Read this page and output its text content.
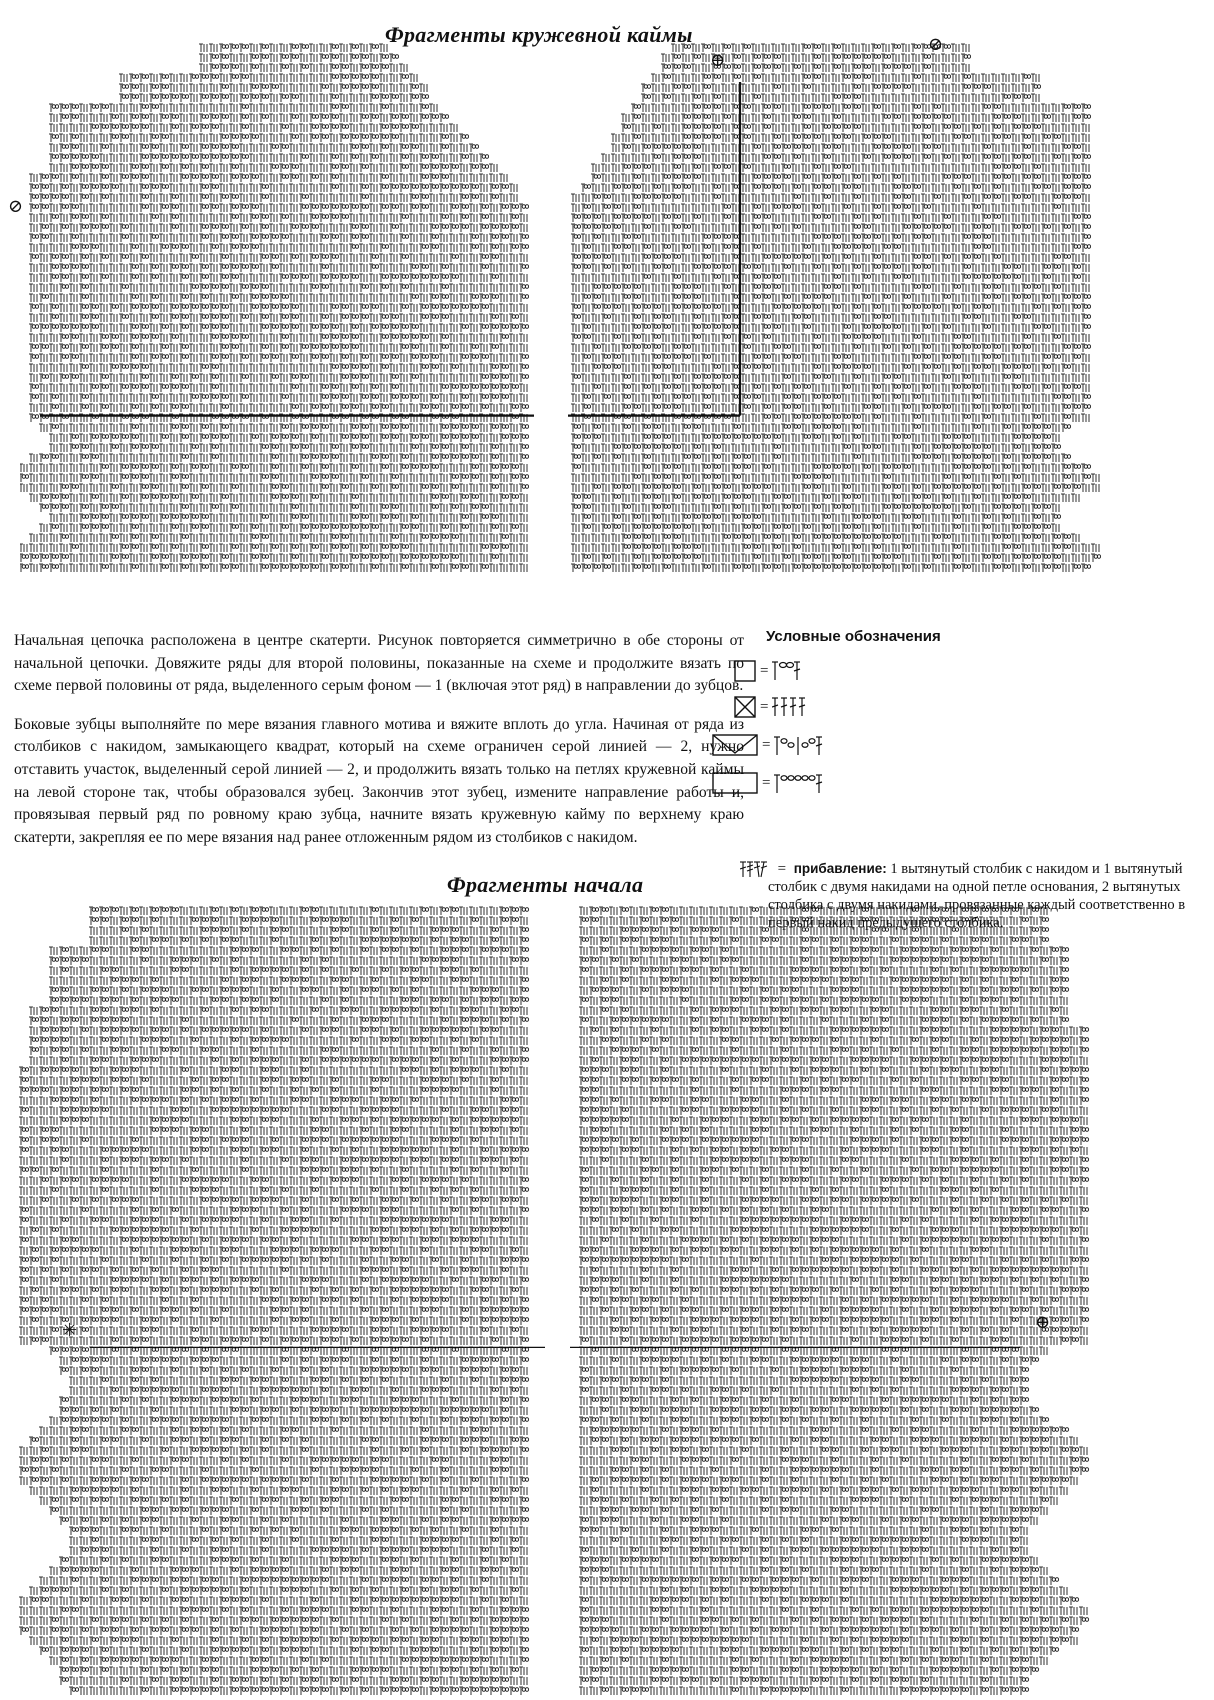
Фрагменты кружевной каймы
Фрагменты начала
⊘
⊕
⊘
✳	⊕

Начальная цепочка расположена в центре скатерти. Рисунок повторяется симметрично в обе стороны от начальной цепочки. Довяжите ряды для второй половины, показанные на схеме и продолжите вязать по схеме первой половины от ряда, выделенного серым фоном — 1 (включая этот ряд) в направлении до зубцов.

Боковые зубцы выполняйте по мере вязания главного мотива и вяжите вплоть до угла. Начиная от ряда из столбиков с накидом, замыкающего квадрат, который на схеме ограничен серой линией — 2, нужно отставить участок, выделенный серой линией — 2, и продолжить вязать только на петлях кружевной каймы на левой стороне так, чтобы образовался зубец. Закончив этот зубец, измените направление работы и, провязывая первый ряд по ровному краю зубца, начните вязать кружевную кайму по верхнему краю скатерти, закрепляя ее по мере вязания над ранее отложенным рядом из столбиков с накидом.

Условные обозначения
=
=
=
=
= прибавление: 1 вытянутый столбик с накидом и 1 вытянутый столбик с двумя накидами на одной петле основания, 2 вытянутых столбика с двумя накидами, провязанные каждый соответственно в первый накид предыдущего столбика.
